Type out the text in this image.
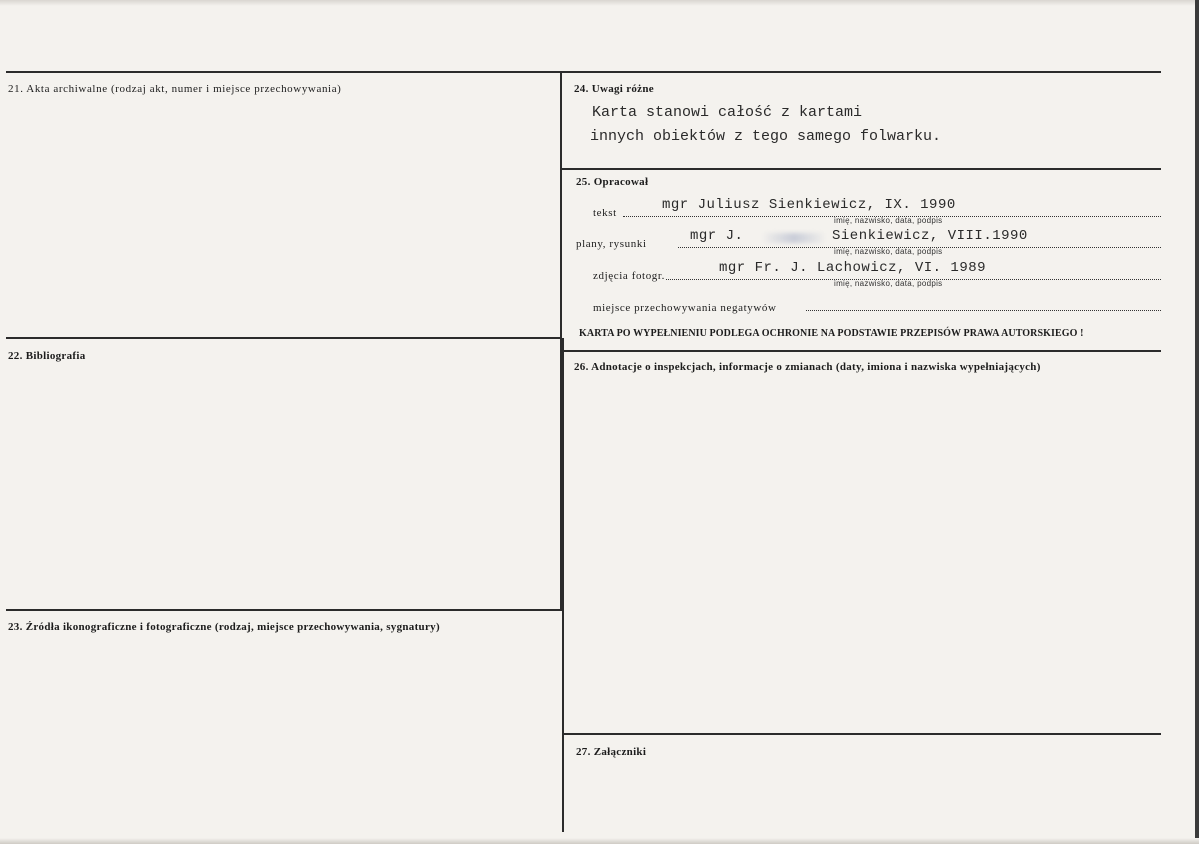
21. Akta archiwalne (rodzaj akt, numer i miejsce przechowywania)
22. Bibliografia
23. Źródła ikonograficzne i fotograficzne (rodzaj, miejsce przechowywania, sygnatury)
24. Uwagi różne
Karta stanowi całość z kartami
innych obiektów z tego samego folwarku.
25. Opracował
tekst	mgr Juliusz Sienkiewicz, IX. 1990
imię, nazwisko, data, podpis
plany, rysunki	mgr J.	Sienkiewicz, VIII.1990
imię, nazwisko, data, podpis
zdjęcia fotogr.	mgr Fr. J. Lachowicz, VI. 1989
imię, nazwisko, data, podpis
miejsce przechowywania negatywów
KARTA PO WYPEŁNIENIU PODLEGA OCHRONIE NA PODSTAWIE PRZEPISÓW PRAWA AUTORSKIEGO !
26. Adnotacje o inspekcjach, informacje o zmianach (daty, imiona i nazwiska wypełniających)
27. Załączniki
